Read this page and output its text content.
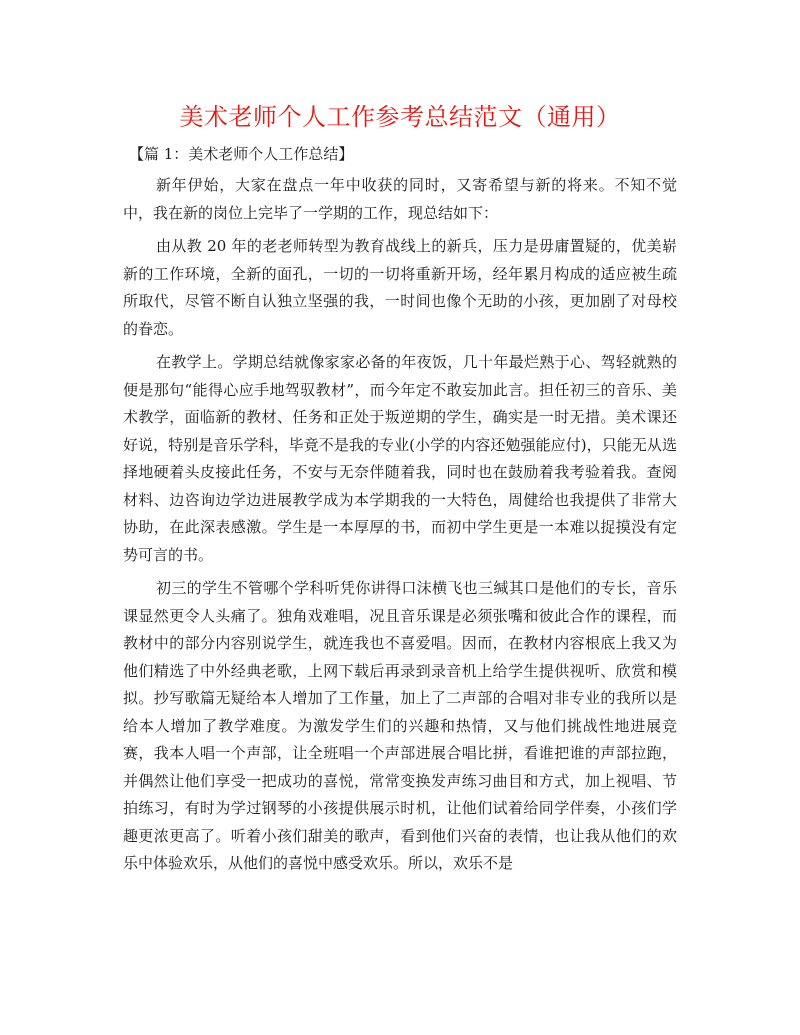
美术老师个人工作参考总结范文（通用）
【篇 1：美术老师个人工作总结】

新年伊始，大家在盘点一年中收获的同时，又寄希望与新的将来。不知不觉中，我在新的岗位上完毕了一学期的工作，现总结如下：

由从教 20 年的老老师转型为教育战线上的新兵，压力是毋庸置疑的，优美崭新的工作环境，全新的面孔，一切的一切将重新开场，经年累月构成的适应被生疏所取代，尽管不断自认独立坚强的我，一时间也像个无助的小孩，更加剧了对母校的眷恋。

在教学上。学期总结就像家家必备的年夜饭，几十年最烂熟于心、驾轻就熟的便是那句“能得心应手地驾驭教材”，而今年定不敢妄加此言。担任初三的音乐、美术教学，面临新的教材、任务和正处于叛逆期的学生，确实是一时无措。美术课还好说，特别是音乐学科，毕竟不是我的专业(小学的内容还勉强能应付)，只能无从选择地硬着头皮接此任务，不安与无奈伴随着我，同时也在鼓励着我考验着我。查阅材料、边咨询边学边进展教学成为本学期我的一大特色，周健给也我提供了非常大协助，在此深表感激。学生是一本厚厚的书，而初中学生更是一本难以捉摸没有定势可言的书。

初三的学生不管哪个学科听凭你讲得口沫横飞也三缄其口是他们的专长，音乐课显然更令人头痛了。独角戏难唱，况且音乐课是必须张嘴和彼此合作的课程，而教材中的部分内容别说学生，就连我也不喜爱唱。因而，在教材内容根底上我又为他们精选了中外经典老歌，上网下载后再录到录音机上给学生提供视听、欣赏和模拟。抄写歌篇无疑给本人增加了工作量，加上了二声部的合唱对非专业的我所以是给本人增加了教学难度。为激发学生们的兴趣和热情，又与他们挑战性地进展竞赛，我本人唱一个声部，让全班唱一个声部进展合唱比拼，看谁把谁的声部拉跑，并偶然让他们享受一把成功的喜悦，常常变换发声练习曲目和方式，加上视唱、节拍练习，有时为学过钢琴的小孩提供展示时机，让他们试着给同学伴奏，小孩们学趣更浓更高了。听着小孩们甜美的歌声，看到他们兴奋的表情，也让我从他们的欢乐中体验欢乐，从他们的喜悦中感受欢乐。所以，欢乐不是
